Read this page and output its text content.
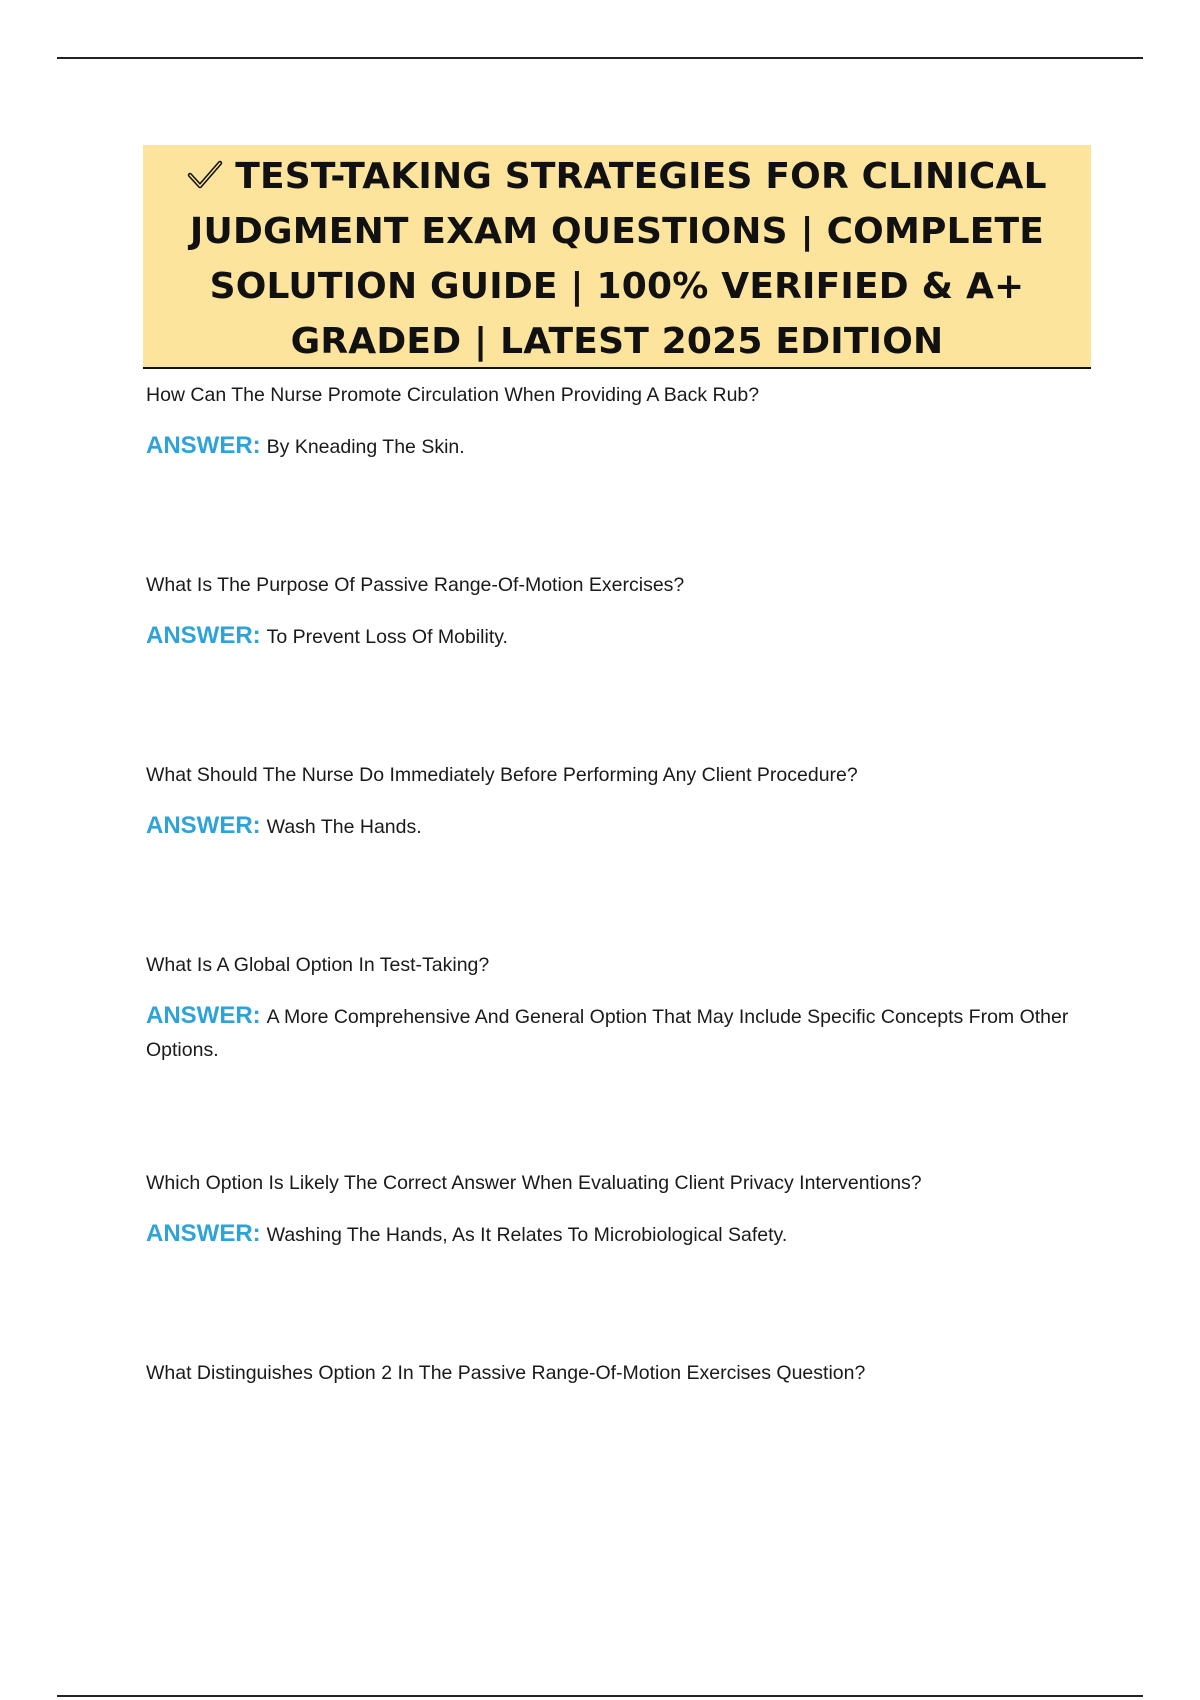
TEST-TAKING STRATEGIES FOR CLINICAL JUDGMENT EXAM QUESTIONS | COMPLETE SOLUTION GUIDE | 100% VERIFIED & A+ GRADED | LATEST 2025 EDITION

How Can The Nurse Promote Circulation When Providing A Back Rub?
ANSWER: By Kneading The Skin.
What Is The Purpose Of Passive Range-Of-Motion Exercises?
ANSWER: To Prevent Loss Of Mobility.
What Should The Nurse Do Immediately Before Performing Any Client Procedure?
ANSWER: Wash The Hands.
What Is A Global Option In Test-Taking?
ANSWER: A More Comprehensive And General Option That May Include Specific Concepts From Other Options.
Which Option Is Likely The Correct Answer When Evaluating Client Privacy Interventions?
ANSWER: Washing The Hands, As It Relates To Microbiological Safety.
What Distinguishes Option 2 In The Passive Range-Of-Motion Exercises Question?
